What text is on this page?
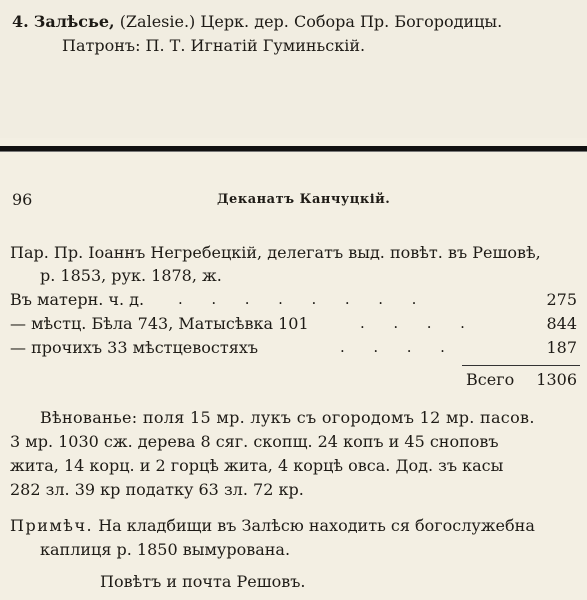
4. Залѣсье, (Zalesie.) Церк. дер. Собора Пр. Богородицы.
Патронъ: П. Т. Игнатій Гуминьскій.
96	Деканатъ Канчуцкій.
Пар. Пр. Іоаннъ Негребецкій, делегатъ выд. повѣт. въ Решовѣ,
р. 1853, рук. 1878, ж.
Въ матерн. ч. д. .      .      .      .      .      .      .      .	275
— мѣстц. Бѣла 743, Матысѣвка 101	.      .      .      .	844
— прочихъ 33 мѣстцевостяхъ	.      .      .      .	187
Всего 1306
Вѣнованье: поля 15 мр. лукъ съ огородомъ 12 мр. пасов.
3 мр. 1030 сж. дерева 8 сяг. скопщ. 24 копъ и 45 сноповъ
жита, 14 корц. и 2 горцѣ жита, 4 корцѣ овса. Дод. зъ касы
282 зл. 39 кр податку 63 зл. 72 кр.
Примѣч. На кладбищи въ Залѣсю находить ся богослужебна
каплиця р. 1850 вымурована.
Повѣтъ и почта Решовъ.
